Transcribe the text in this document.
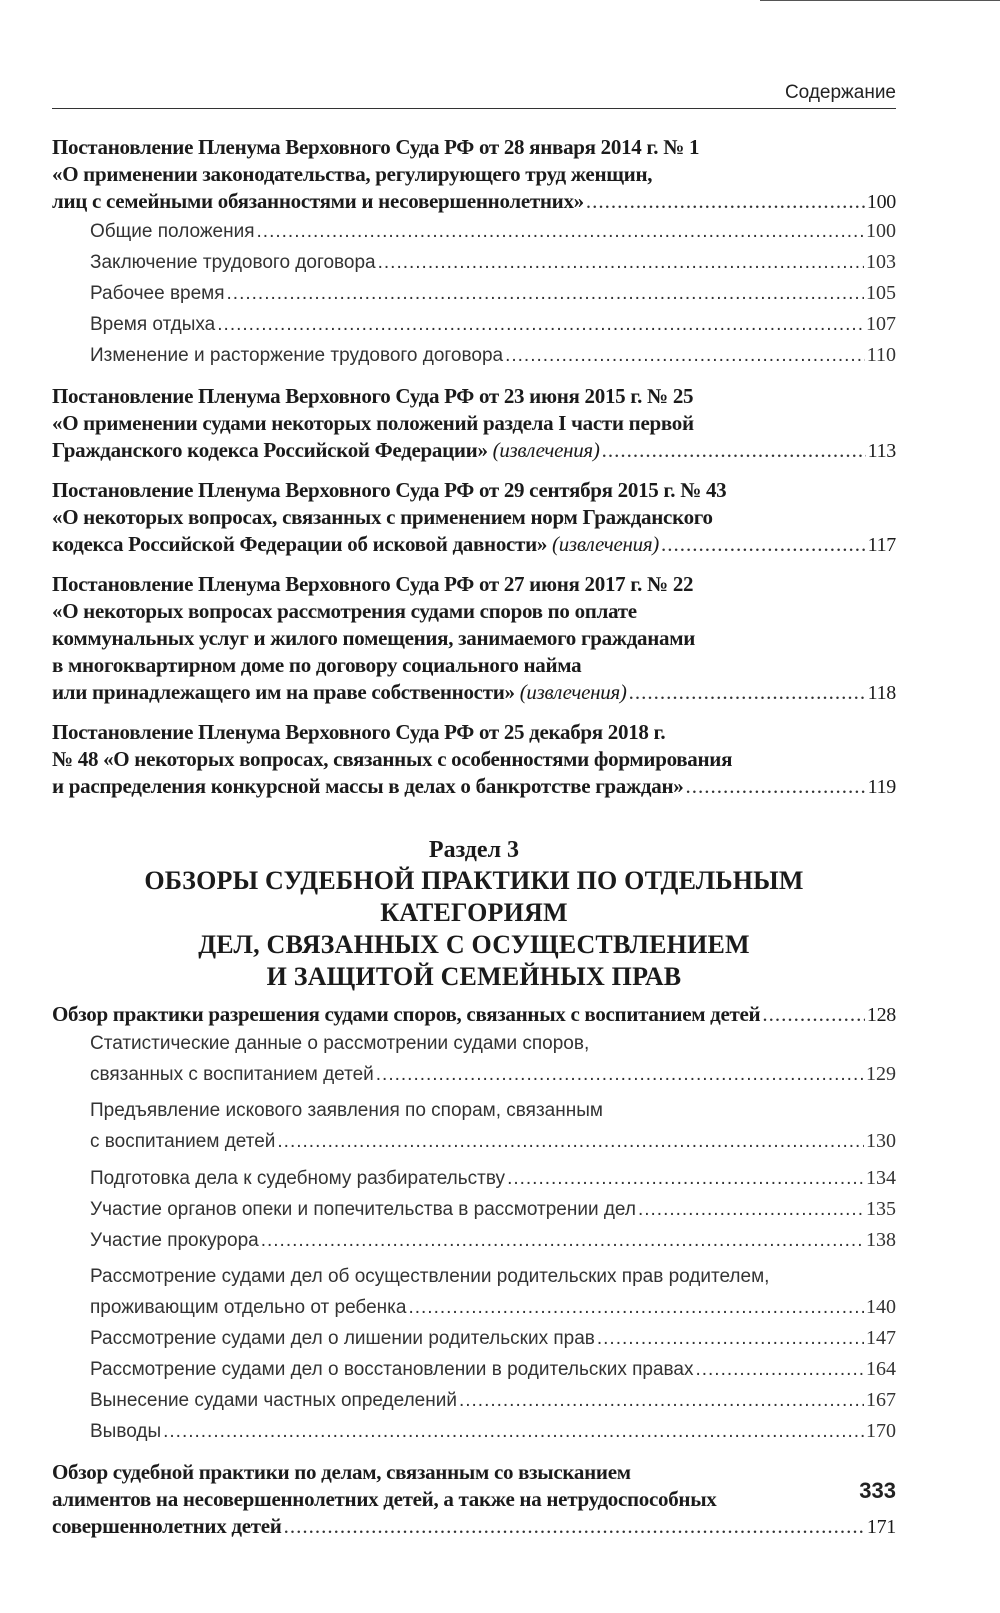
Содержание
Постановление Пленума Верховного Суда РФ от 28 января 2014 г. № 1
«О применении законодательства, регулирующего труд женщин,
лиц с семейными обязанностями и несовершеннолетних» .....	100
Общие положения .....	100
Заключение трудового договора .....	103
Рабочее время .....	105
Время отдыха .....	107
Изменение и расторжение трудового договора .....	110
Постановление Пленума Верховного Суда РФ от 23 июня 2015 г. № 25
«О применении судами некоторых положений раздела I части первой
Гражданского кодекса Российской Федерации» (извлечения) .....	113
Постановление Пленума Верховного Суда РФ от 29 сентября 2015 г. № 43
«О некоторых вопросах, связанных с применением норм Гражданского
кодекса Российской Федерации об исковой давности» (извлечения) .....	117
Постановление Пленума Верховного Суда РФ от 27 июня 2017 г. № 22
«О некоторых вопросах рассмотрения судами споров по оплате
коммунальных услуг и жилого помещения, занимаемого гражданами
в многоквартирном доме по договору социального найма
или принадлежащего им на праве собственности» (извлечения) .....	118
Постановление Пленума Верховного Суда РФ от 25 декабря 2018 г.
№ 48 «О некоторых вопросах, связанных с особенностями формирования
и распределения конкурсной массы в делах о банкротстве граждан» .....	119
Раздел 3
ОБЗОРЫ СУДЕБНОЙ ПРАКТИКИ ПО ОТДЕЛЬНЫМ КАТЕГОРИЯМ
ДЕЛ, СВЯЗАННЫХ С ОСУЩЕСТВЛЕНИЕМ
И ЗАЩИТОЙ СЕМЕЙНЫХ ПРАВ
Обзор практики разрешения судами споров, связанных с воспитанием детей .....	128
Статистические данные о рассмотрении судами споров,
связанных с воспитанием детей .....	129
Предъявление искового заявления по спорам, связанным
с воспитанием детей .....	130
Подготовка дела к судебному разбирательству .....	134
Участие органов опеки и попечительства в рассмотрении дел .....	135
Участие прокурора .....	138
Рассмотрение судами дел об осуществлении родительских прав родителем,
проживающим отдельно от ребенка .....	140
Рассмотрение судами дел о лишении родительских прав .....	147
Рассмотрение судами дел о восстановлении в родительских правах .....	164
Вынесение судами частных определений .....	167
Выводы .....	170
Обзор судебной практики по делам, связанным со взысканием
алиментов на несовершеннолетних детей, а также на нетрудоспособных
совершеннолетних детей .....	171
333
